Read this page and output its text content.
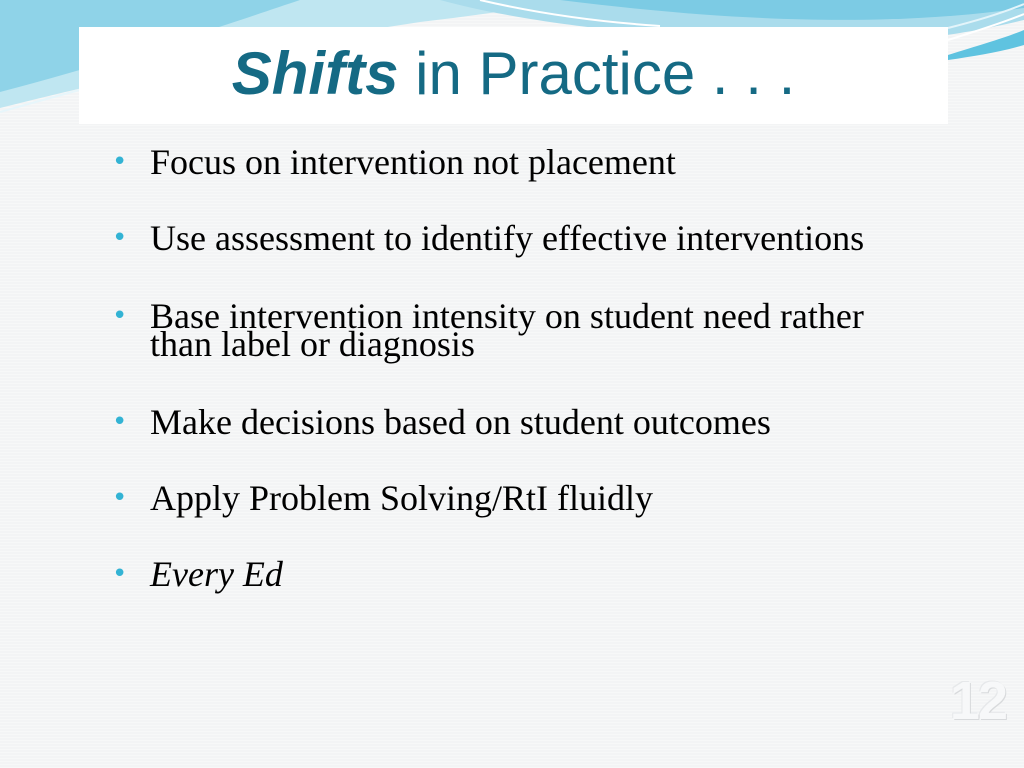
Shifts in Practice . . .
• Focus on intervention not placement
• Use assessment to identify effective interventions
• Base intervention intensity on student need rather than label or diagnosis
• Make decisions based on student outcomes
• Apply Problem Solving/RtI fluidly
• Every Ed
12
